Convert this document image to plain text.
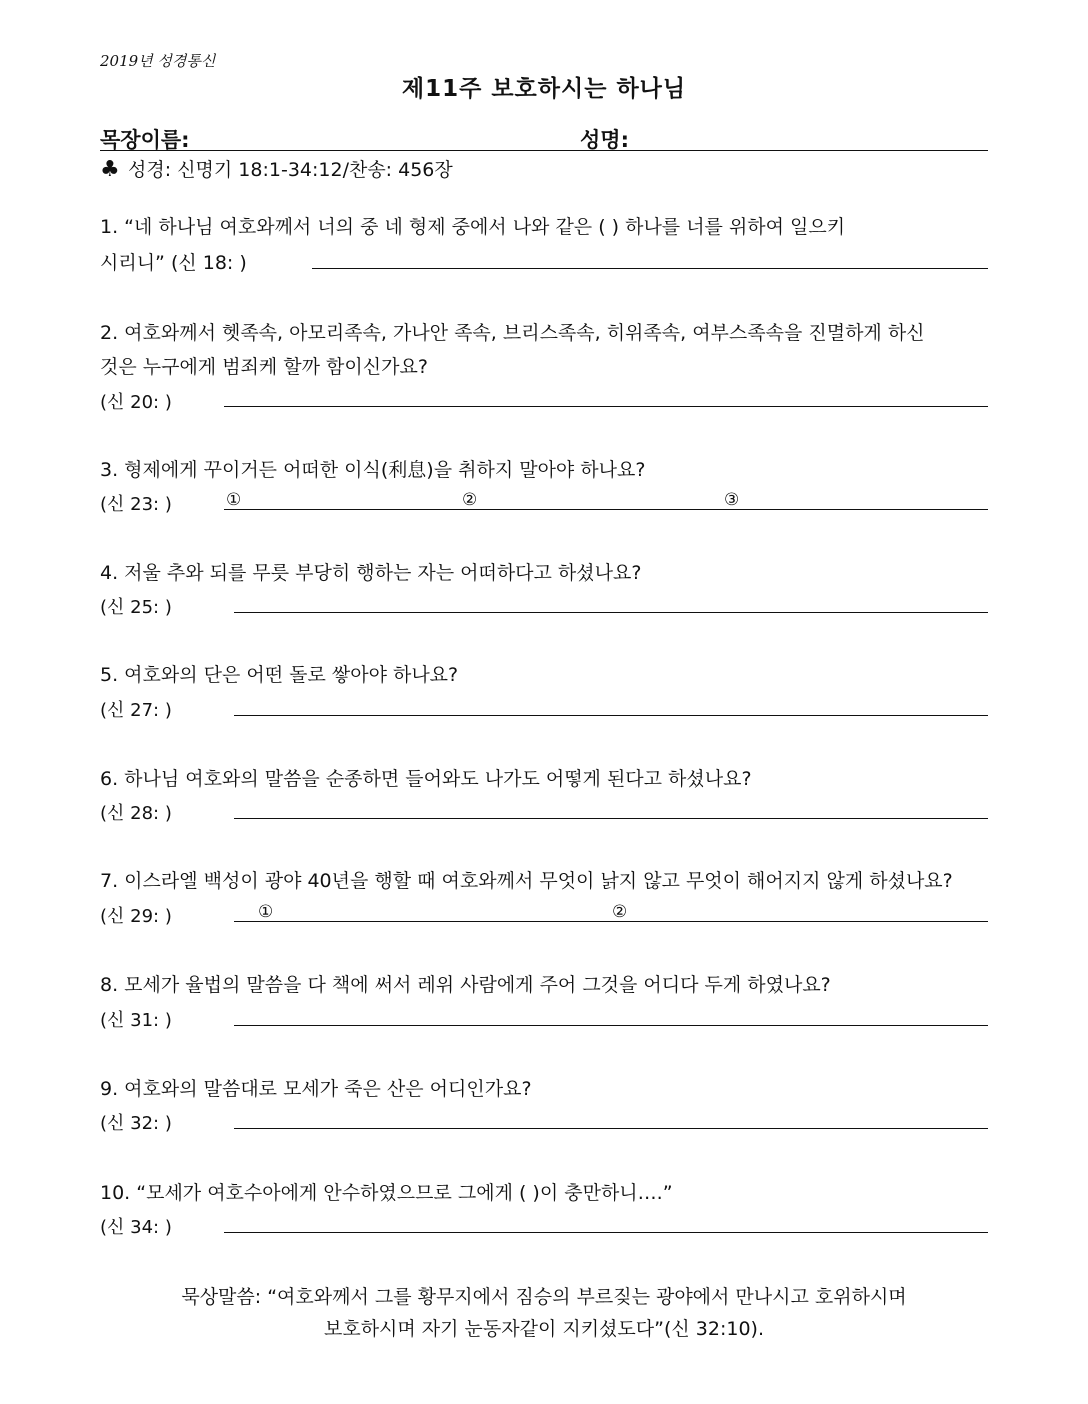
2019년 성경통신
제11주 보호하시는 하나님
목장이름:	성명:
♣ 성경: 신명기 18:1-34:12/찬송: 456장
1. “네 하나님 여호와께서 너의 중 네 형제 중에서 나와 같은 ( ) 하나를 너를 위하여 일으키
시리니” (신 18: )
2. 여호와께서 헷족속, 아모리족속, 가나안 족속, 브리스족속, 히위족속, 여부스족속을 진멸하게 하신
것은 누구에게 범죄케 할까 함이신가요?
(신 20: )
3. 형제에게 꾸이거든 어떠한 이식(利息)을 취하지 말아야 하나요?
(신 23: )	①	②	③
4. 저울 추와 되를 무릇 부당히 행하는 자는 어떠하다고 하셨나요?
(신 25: )
5. 여호와의 단은 어떤 돌로 쌓아야 하나요?
(신 27: )
6. 하나님 여호와의 말씀을 순종하면 들어와도 나가도 어떻게 된다고 하셨나요?
(신 28: )
7. 이스라엘 백성이 광야 40년을 행할 때 여호와께서 무엇이 낡지 않고 무엇이 해어지지 않게 하셨나요?
(신 29: )	①	②
8. 모세가 율법의 말씀을 다 책에 써서 레위 사람에게 주어 그것을 어디다 두게 하였나요?
(신 31: )
9. 여호와의 말씀대로 모세가 죽은 산은 어디인가요?
(신 32: )
10. “모세가 여호수아에게 안수하였으므로 그에게 ( )이 충만하니….”
(신 34: )
묵상말씀: “여호와께서 그를 황무지에서 짐승의 부르짖는 광야에서 만나시고 호위하시며
보호하시며 자기 눈동자같이 지키셨도다”(신 32:10).
